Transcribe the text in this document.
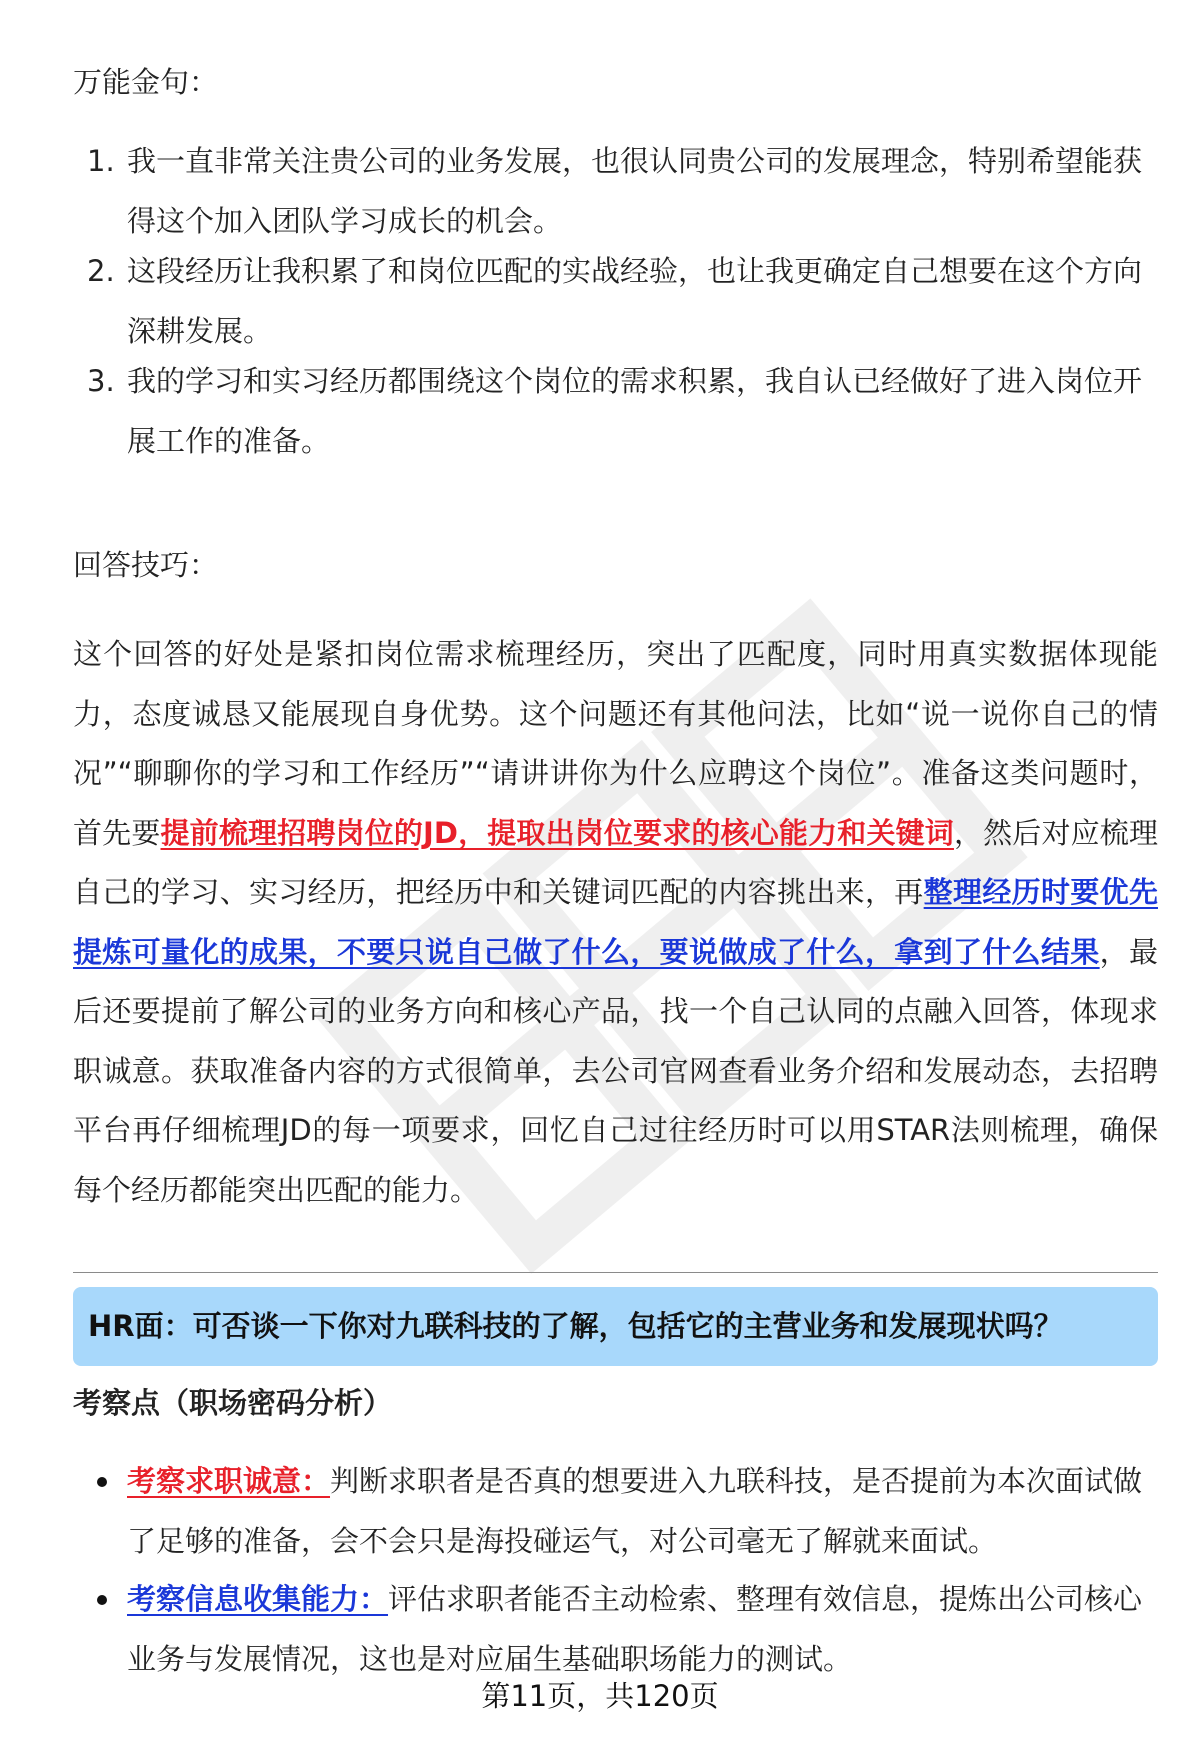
万能金句：
1. 我一直非常关注贵公司的业务发展，也很认同贵公司的发展理念，特别希望能获得这个加入团队学习成长的机会。
2. 这段经历让我积累了和岗位匹配的实战经验，也让我更确定自己想要在这个方向深耕发展。
3. 我的学习和实习经历都围绕这个岗位的需求积累，我自认已经做好了进入岗位开展工作的准备。
回答技巧：
这个回答的好处是紧扣岗位需求梳理经历，突出了匹配度，同时用真实数据体现能力，态度诚恳又能展现自身优势。这个问题还有其他问法，比如“说一说你自己的情况”“聊聊你的学习和工作经历”“请讲讲你为什么应聘这个岗位”。准备这类问题时，首先要提前梳理招聘岗位的JD，提取出岗位要求的核心能力和关键词，然后对应梳理自己的学习、实习经历，把经历中和关键词匹配的内容挑出来，再整理经历时要优先提炼可量化的成果，不要只说自己做了什么，要说做成了什么，拿到了什么结果，最后还要提前了解公司的业务方向和核心产品，找一个自己认同的点融入回答，体现求职诚意。获取准备内容的方式很简单，去公司官网查看业务介绍和发展动态，去招聘平台再仔细梳理JD的每一项要求，回忆自己过往经历时可以用STAR法则梳理，确保每个经历都能突出匹配的能力。
HR面：可否谈一下你对九联科技的了解，包括它的主营业务和发展现状吗？
考察点（职场密码分析）
考察求职诚意：判断求职者是否真的想要进入九联科技，是否提前为本次面试做了足够的准备，会不会只是海投碰运气，对公司毫无了解就来面试。
考察信息收集能力：评估求职者能否主动检索、整理有效信息，提炼出公司核心业务与发展情况，这也是对应届生基础职场能力的测试。
第11页，共120页
